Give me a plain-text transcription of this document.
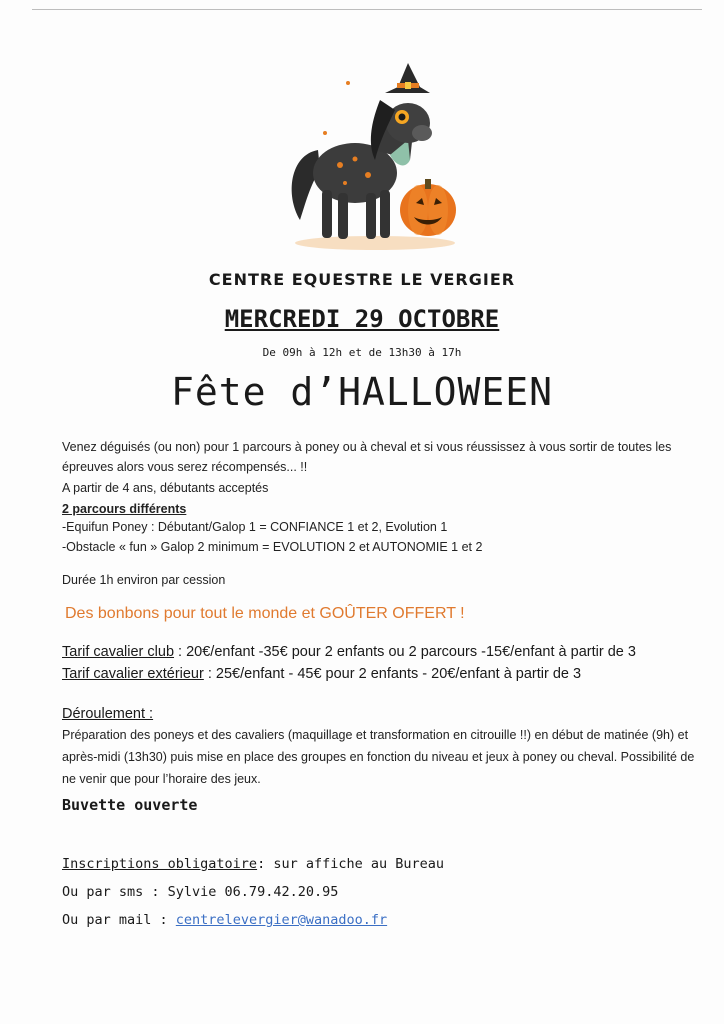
CENTRE EQUESTRE LE VERGIER
MERCREDI 29 OCTOBRE
De 09h à 12h et de 13h30 à 17h
Fête d’HALLOWEEN
Venez déguisés (ou non) pour 1 parcours à poney ou à cheval et si vous réussissez à vous sortir de toutes les épreuves alors vous serez récompensés... !!
A partir de 4 ans, débutants acceptés
2 parcours différents
-Equifun Poney : Débutant/Galop 1 = CONFIANCE 1 et 2, Evolution 1
-Obstacle « fun » Galop 2 minimum = EVOLUTION 2 et AUTONOMIE 1 et 2
Durée 1h environ par cession
Des bonbons pour tout le monde et GOÛTER OFFERT !
Tarif cavalier club : 20€/enfant -35€ pour 2 enfants ou 2 parcours -15€/enfant à partir de 3
Tarif cavalier extérieur : 25€/enfant - 45€ pour 2 enfants - 20€/enfant à partir de 3
Déroulement :
Préparation des poneys et des cavaliers (maquillage et transformation en citrouille !!) en début de matinée (9h) et après-midi (13h30) puis mise en place des groupes en fonction du niveau et jeux à poney ou cheval. Possibilité de ne venir que pour l’horaire des jeux.
Buvette ouverte
Inscriptions obligatoire: sur affiche au Bureau
Ou par sms : Sylvie 06.79.42.20.95
Ou par mail : centrelevergier@wanadoo.fr
